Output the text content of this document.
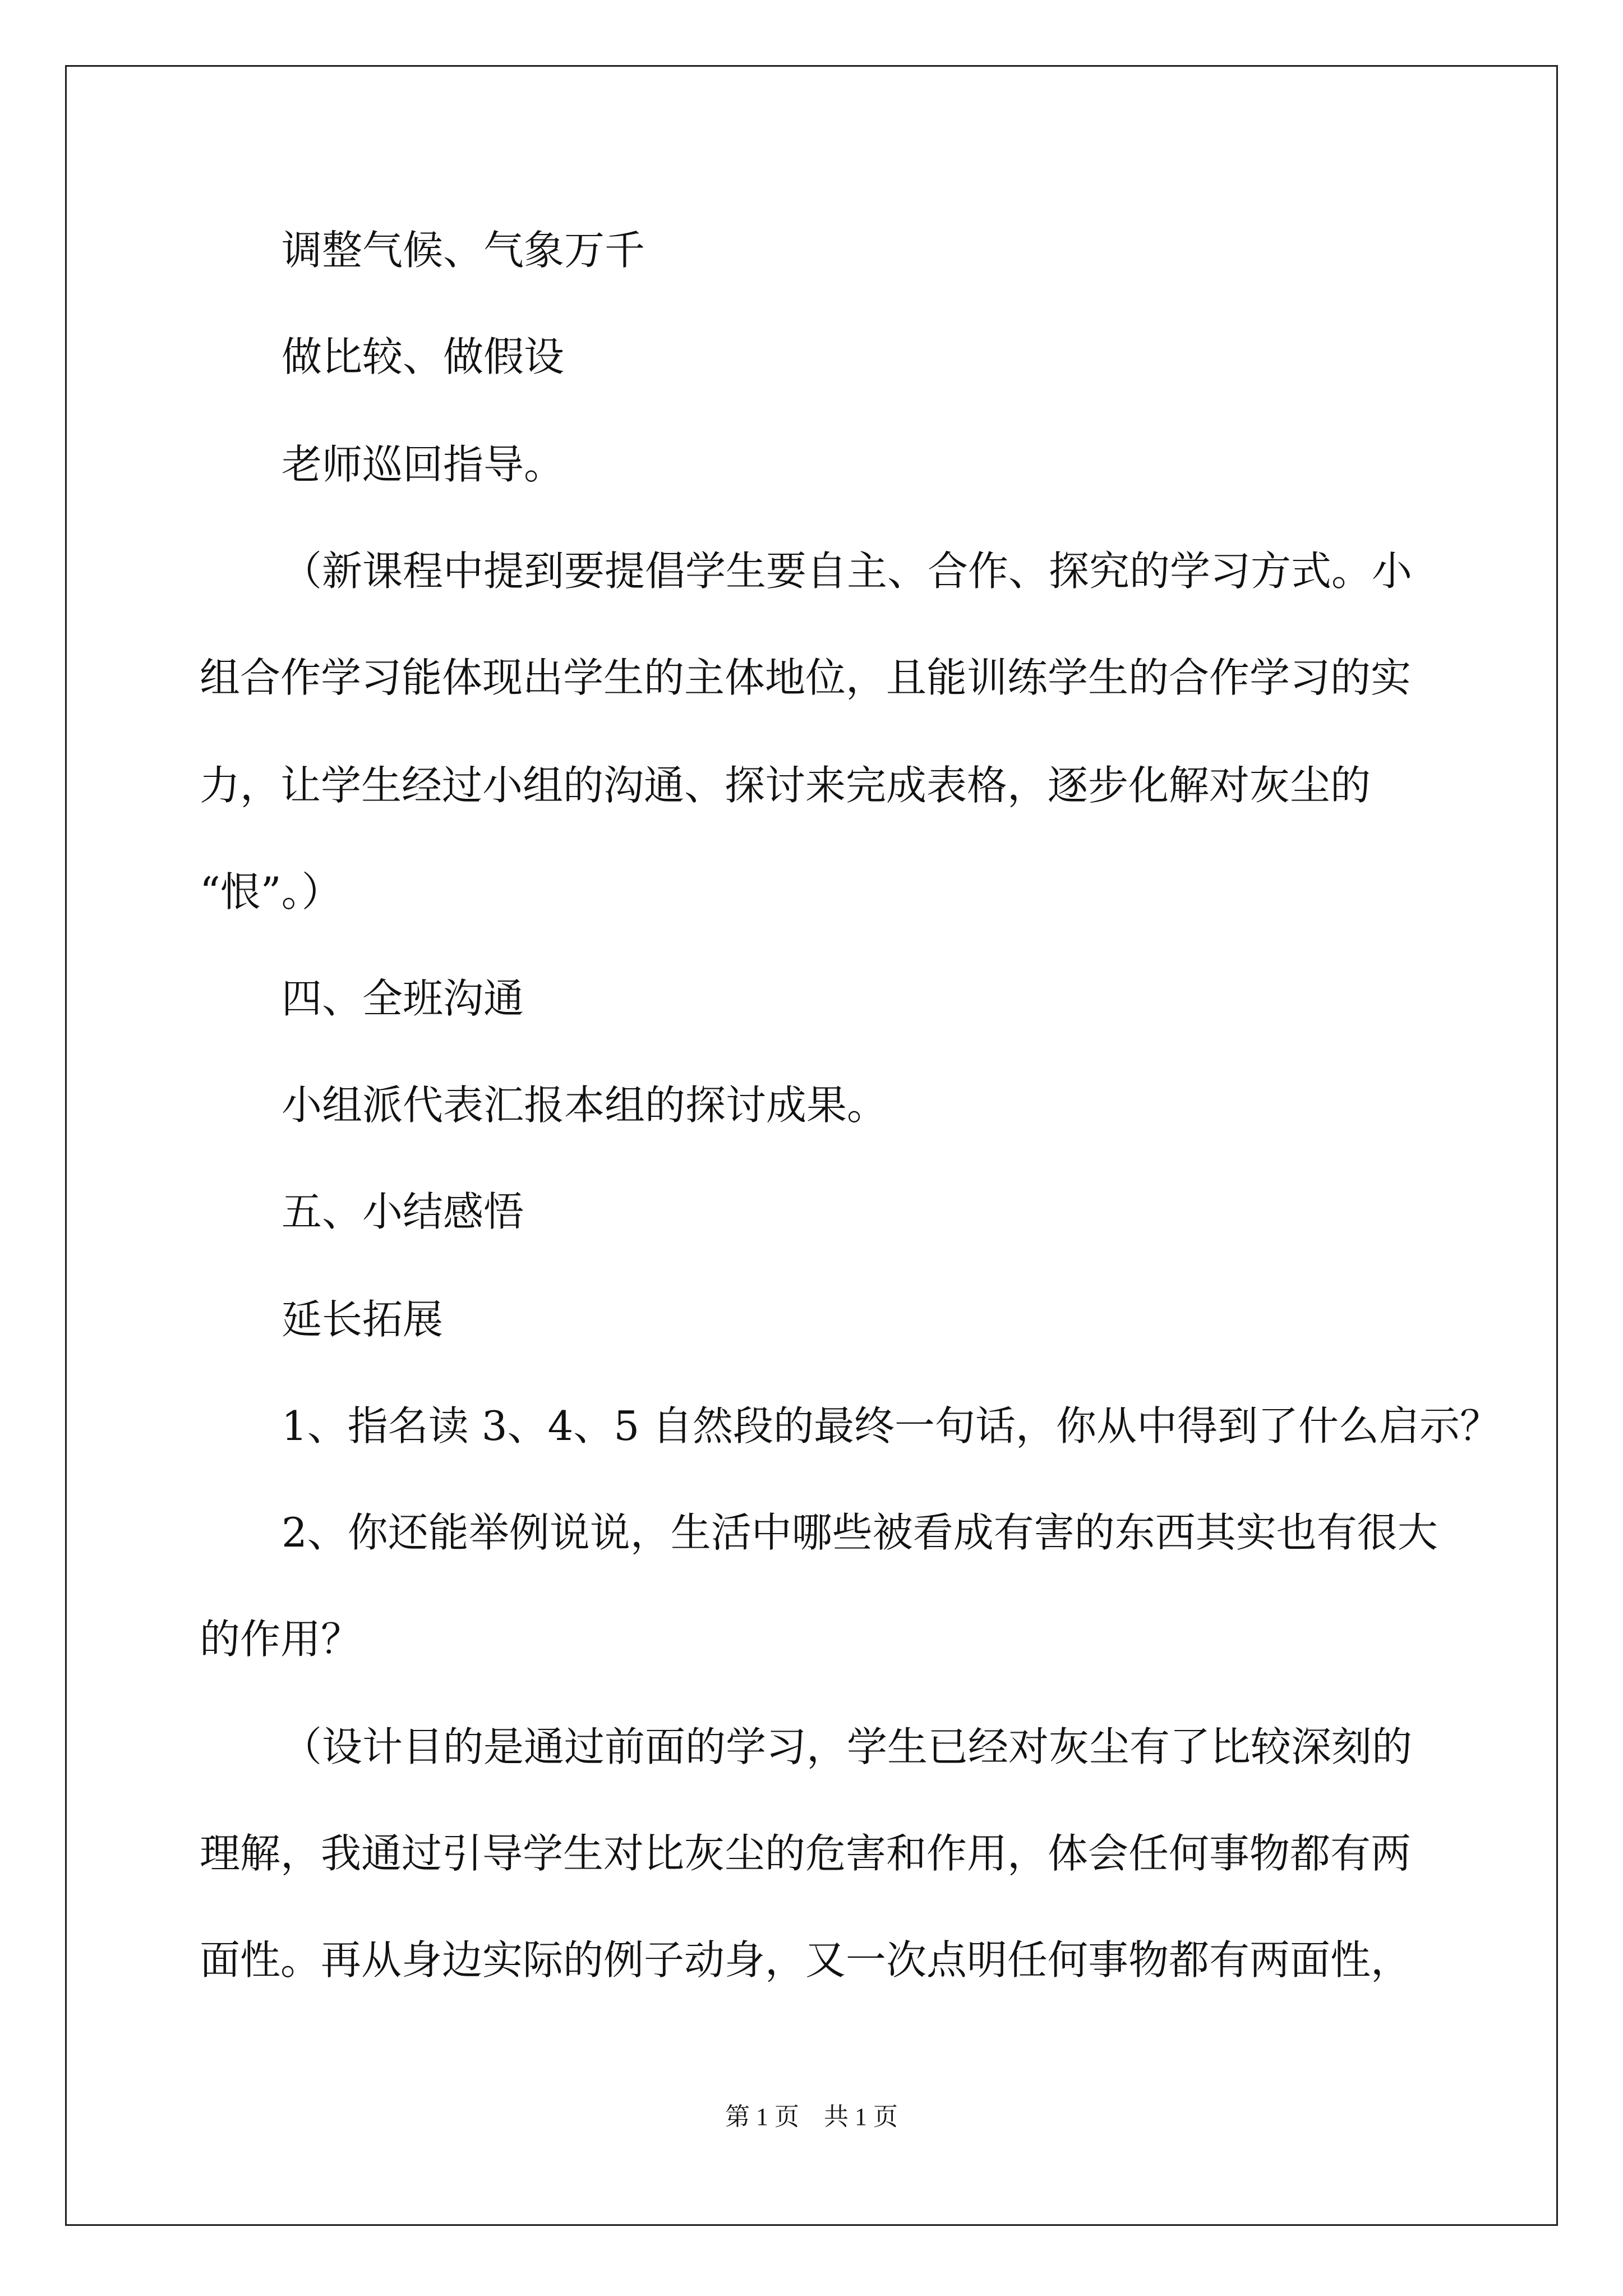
调整气候、气象万千
做比较、做假设
老师巡回指导。
（新课程中提到要提倡学生要自主、合作、探究的学习方式。小
组合作学习能体现出学生的主体地位，且能训练学生的合作学习的实
力，让学生经过小组的沟通、探讨来完成表格，逐步化解对灰尘的
“恨”。）
四、全班沟通
小组派代表汇报本组的探讨成果。
五、小结感悟
延长拓展
1、指名读 3、4、5 自然段的最终一句话，你从中得到了什么启示？
2、你还能举例说说，生活中哪些被看成有害的东西其实也有很大
的作用？
（设计目的是通过前面的学习，学生已经对灰尘有了比较深刻的
理解，我通过引导学生对比灰尘的危害和作用，体会任何事物都有两
面性。再从身边实际的例子动身，又一次点明任何事物都有两面性，
第 1 页 共 1 页
